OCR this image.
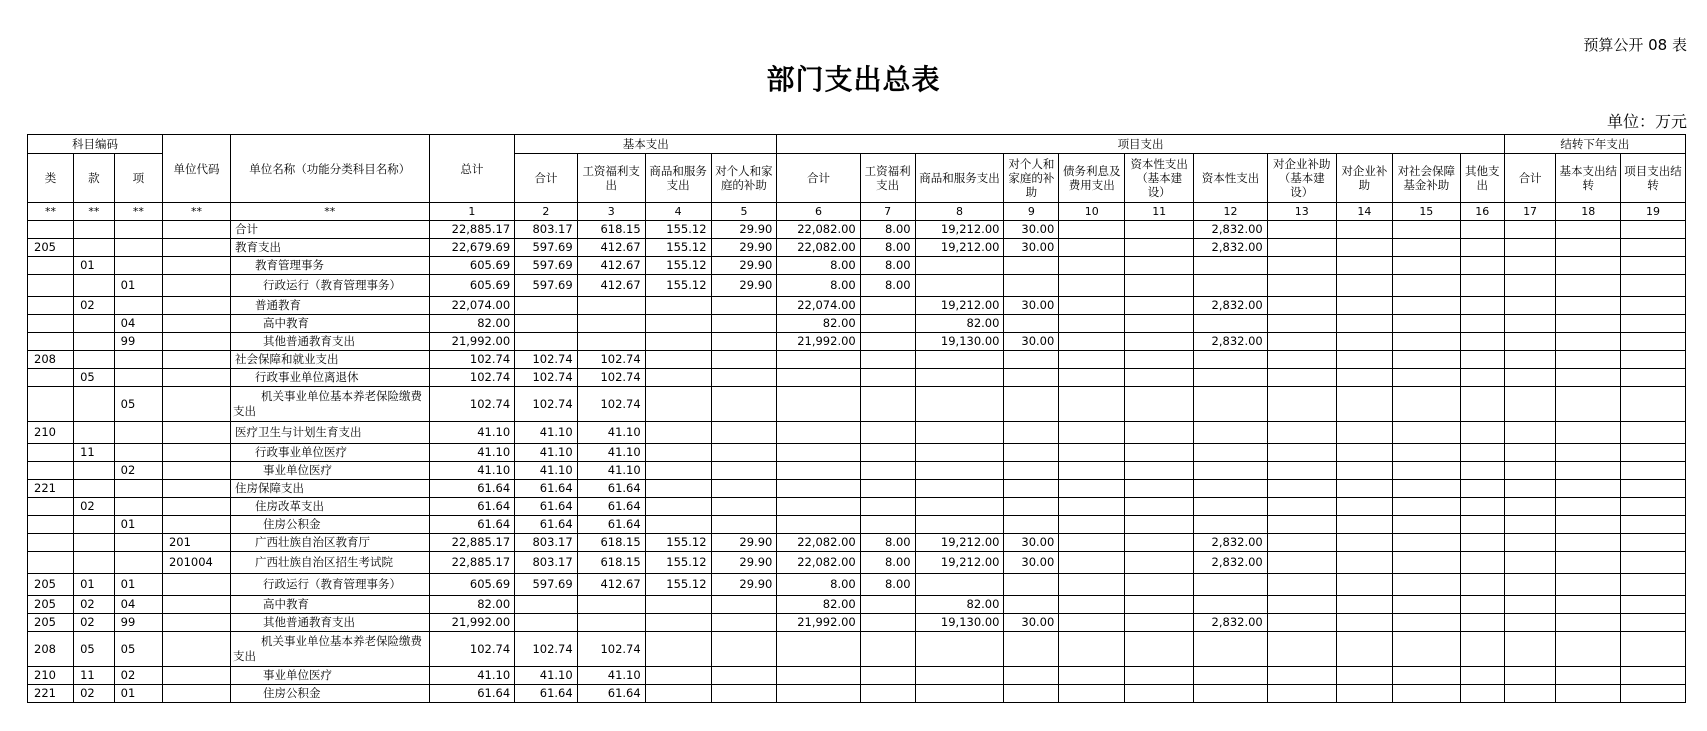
预算公开 08 表
部门支出总表
单位：万元
科目编码			单位代码	单位名称（功能分类科目名称）	总计	基本支出				项目支出											结转下年支出		
类	款	项				合计	工资福利支出	商品和服务支出	对个人和家庭的补助	合计	工资福利支出	商品和服务支出	对个人和家庭的补助	债务利息及费用支出	资本性支出（基本建设）	资本性支出	对企业补助（基本建设）	对企业补助	对社会保障基金补助	其他支出	合计	基本支出结转	项目支出结转
**	**	**	**	**	1	2	3	4	5	6	7	8	9	10	11	12	13	14	15	16	17	18	19
				合计	22,885.17	803.17	618.15	155.12	29.90	22,082.00	8.00	19,212.00	30.00			2,832.00							
205				教育支出	22,679.69	597.69	412.67	155.12	29.90	22,082.00	8.00	19,212.00	30.00			2,832.00							
	01			教育管理事务	605.69	597.69	412.67	155.12	29.90	8.00	8.00												
		01		行政运行（教育管理事务）	605.69	597.69	412.67	155.12	29.90	8.00	8.00												
	02			普通教育	22,074.00					22,074.00		19,212.00	30.00			2,832.00							
		04		高中教育	82.00					82.00		82.00											
		99		其他普通教育支出	21,992.00					21,992.00		19,130.00	30.00			2,832.00							
208				社会保障和就业支出	102.74	102.74	102.74																
	05			行政事业单位离退休	102.74	102.74	102.74																
		05		机关事业单位基本养老保险缴费支出	102.74	102.74	102.74																
210				医疗卫生与计划生育支出	41.10	41.10	41.10																
	11			行政事业单位医疗	41.10	41.10	41.10																
		02		事业单位医疗	41.10	41.10	41.10																
221				住房保障支出	61.64	61.64	61.64																
	02			住房改革支出	61.64	61.64	61.64																
		01		住房公积金	61.64	61.64	61.64																
			201	广西壮族自治区教育厅	22,885.17	803.17	618.15	155.12	29.90	22,082.00	8.00	19,212.00	30.00			2,832.00							
			201004	广西壮族自治区招生考试院	22,885.17	803.17	618.15	155.12	29.90	22,082.00	8.00	19,212.00	30.00			2,832.00							
205	01	01		行政运行（教育管理事务）	605.69	597.69	412.67	155.12	29.90	8.00	8.00												
205	02	04		高中教育	82.00					82.00		82.00											
205	02	99		其他普通教育支出	21,992.00					21,992.00		19,130.00	30.00			2,832.00							
208	05	05		机关事业单位基本养老保险缴费支出	102.74	102.74	102.74																
210	11	02		事业单位医疗	41.10	41.10	41.10																
221	02	01		住房公积金	61.64	61.64	61.64																
